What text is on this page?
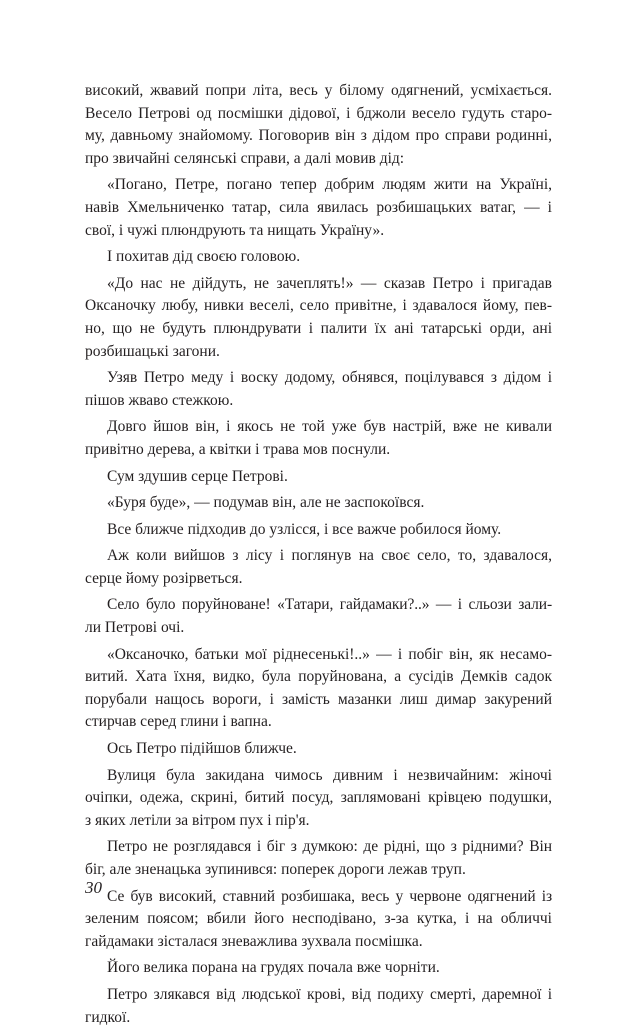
високий, жвавий попри літа, весь у білому одягнений, усміхається.
Весело Петрові од посмішки дідової, і бджоли весело гудуть старо-
му, давньому знайомому. Поговорив він з дідом про справи родинні,
про звичайні селянські справи, а далі мовив дід:
«Погано, Петре, погано тепер добрим людям жити на Україні,
навів Хмельниченко татар, сила явилась розбишацьких ватаг, — і
свої, і чужі плюндрують та нищать Україну».
І похитав дід своєю головою.
«До нас не дійдуть, не зачеплять!» — сказав Петро і пригадав
Оксаночку любу, нивки веселі, село привітне, і здавалося йому, пев-
но, що не будуть плюндрувати і палити їх ані татарські орди, ані
розбишацькі загони.
Узяв Петро меду і воску додому, обнявся, поцілувався з дідом і
пішов жваво стежкою.
Довго йшов він, і якось не той уже був настрій, вже не кивали
привітно дерева, а квітки і трава мов поснули.
Сум здушив серце Петрові.
«Буря буде», — подумав він, але не заспокоївся.
Все ближче підходив до узлісся, і все важче робилося йому.
Аж коли вийшов з лісу і поглянув на своє село, то, здавалося,
серце йому розірветься.
Село було поруйноване! «Татари, гайдамаки?..» — і сльози зали-
ли Петрові очі.
«Оксаночко, батьки мої ріднесенькі!..» — і побіг він, як несамо-
витий. Хата їхня, видко, була поруйнована, а сусідів Демків садок
порубали нащось вороги, і замість мазанки лиш димар закурений
стирчав серед глини і вапна.
Ось Петро підійшов ближче.
Вулиця була закидана чимось дивним і незвичайним: жіночі
очіпки, одежа, скрині, битий посуд, заплямовані крівцею подушки,
з яких летіли за вітром пух і пір'я.
Петро не розглядався і біг з думкою: де рідні, що з рідними? Він
біг, але зненацька зупинився: поперек дороги лежав труп.
Се був високий, ставний розбишака, весь у червоне одягнений із
зеленим поясом; вбили його несподівано, з-за кутка, і на обличчі
гайдамаки зісталася зневажлива зухвала посмішка.
Його велика порана на грудях почала вже чорніти.
Петро злякався від людської крові, від подиху смерті, даремної і
гидкої.
30
